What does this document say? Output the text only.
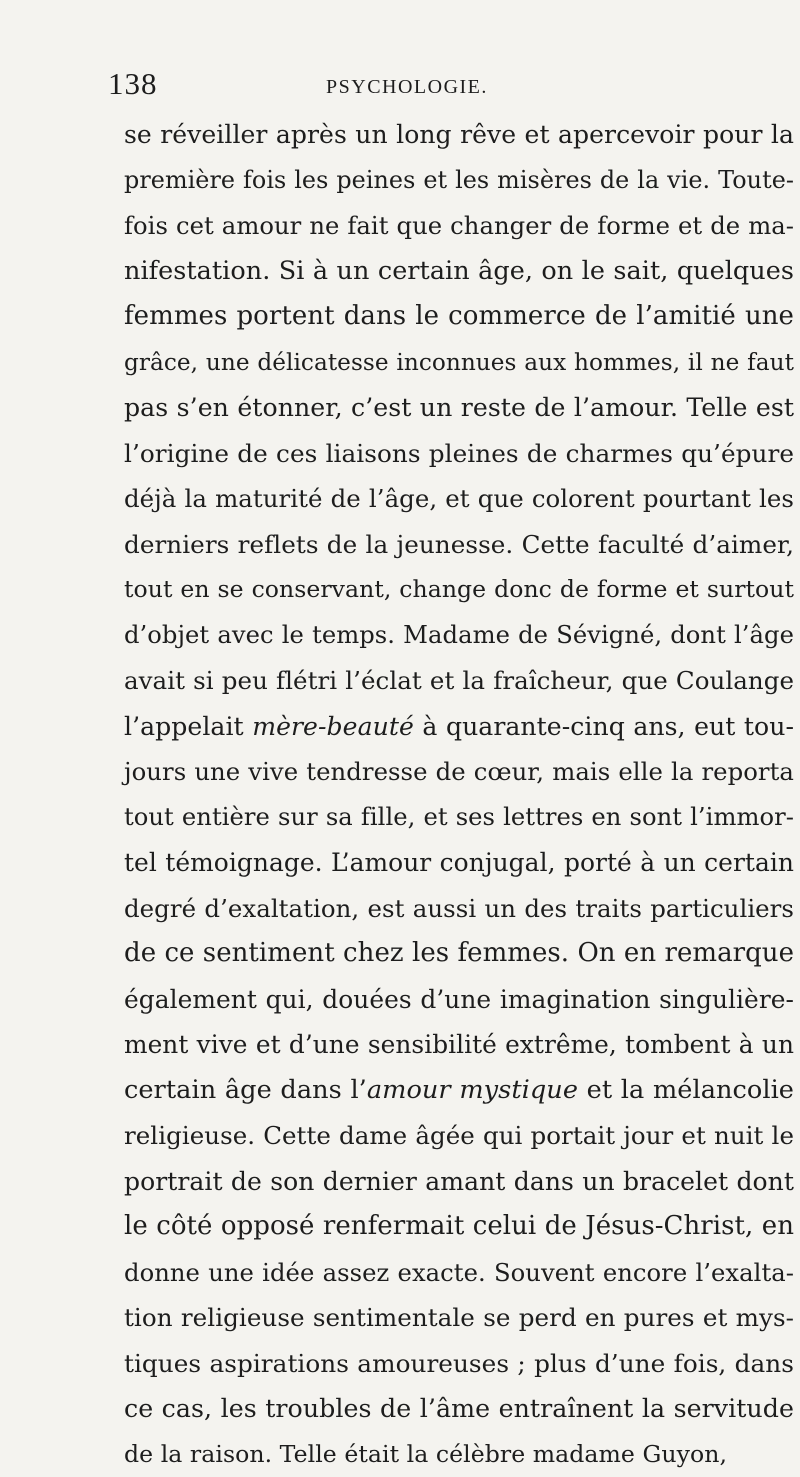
138	PSYCHOLOGIE.
se réveiller après un long rêve et apercevoir pour la
première fois les peines et les misères de la vie. Toute-
fois cet amour ne fait que changer de forme et de ma-
nifestation. Si à un certain âge, on le sait, quelques
femmes portent dans le commerce de l’amitié une
grâce, une délicatesse inconnues aux hommes, il ne faut
pas s’en étonner, c’est un reste de l’amour. Telle est
l’origine de ces liaisons pleines de charmes qu’épure
déjà la maturité de l’âge, et que colorent pourtant les
derniers reflets de la jeunesse. Cette faculté d’aimer,
tout en se conservant, change donc de forme et surtout
d’objet avec le temps. Madame de Sévigné, dont l’âge
avait si peu flétri l’éclat et la fraîcheur, que Coulange
l’appelait mère-beauté à quarante-cinq ans, eut tou-
jours une vive tendresse de cœur, mais elle la reporta
tout entière sur sa fille, et ses lettres en sont l’immor-
tel témoignage. L’amour conjugal, porté à un certain
degré d’exaltation, est aussi un des traits particuliers
de ce sentiment chez les femmes. On en remarque
également qui, douées d’une imagination singulière-
ment vive et d’une sensibilité extrême, tombent à un
certain âge dans l’amour mystique et la mélancolie
religieuse. Cette dame âgée qui portait jour et nuit le
portrait de son dernier amant dans un bracelet dont
le côté opposé renfermait celui de Jésus-Christ, en
donne une idée assez exacte. Souvent encore l’exalta-
tion religieuse sentimentale se perd en pures et mys-
tiques aspirations amoureuses ; plus d’une fois, dans
ce cas, les troubles de l’âme entraînent la servitude
de la raison. Telle était la célèbre madame Guyon,
